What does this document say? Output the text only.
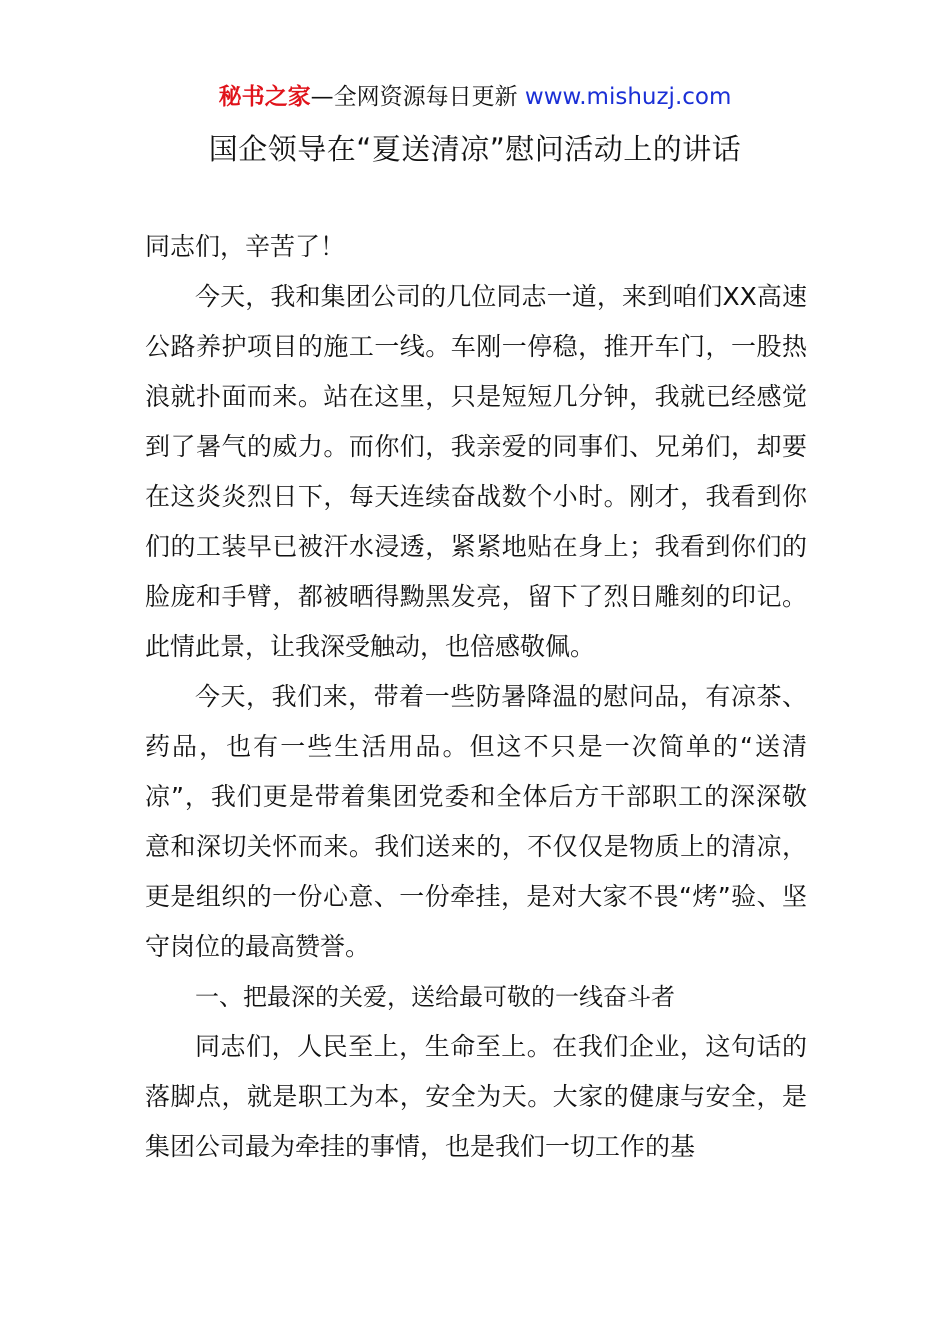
秘书之家—全网资源每日更新 www.mishuzj.com
国企领导在“夏送清凉”慰问活动上的讲话

同志们，辛苦了！

今天，我和集团公司的几位同志一道，来到咱们XX高速公路养护项目的施工一线。车刚一停稳，推开车门，一股热浪就扑面而来。站在这里，只是短短几分钟，我就已经感觉到了暑气的威力。而你们，我亲爱的同事们、兄弟们，却要在这炎炎烈日下，每天连续奋战数个小时。刚才，我看到你们的工装早已被汗水浸透，紧紧地贴在身上；我看到你们的脸庞和手臂，都被晒得黝黑发亮，留下了烈日雕刻的印记。此情此景，让我深受触动，也倍感敬佩。

今天，我们来，带着一些防暑降温的慰问品，有凉茶、药品，也有一些生活用品。但这不只是一次简单的“送清凉”，我们更是带着集团党委和全体后方干部职工的深深敬意和深切关怀而来。我们送来的，不仅仅是物质上的清凉，更是组织的一份心意、一份牵挂，是对大家不畏“烤”验、坚守岗位的最高赞誉。

一、把最深的关爱，送给最可敬的一线奋斗者

同志们，人民至上，生命至上。在我们企业，这句话的落脚点，就是职工为本，安全为天。大家的健康与安全，是集团公司最为牵挂的事情，也是我们一切工作的基
